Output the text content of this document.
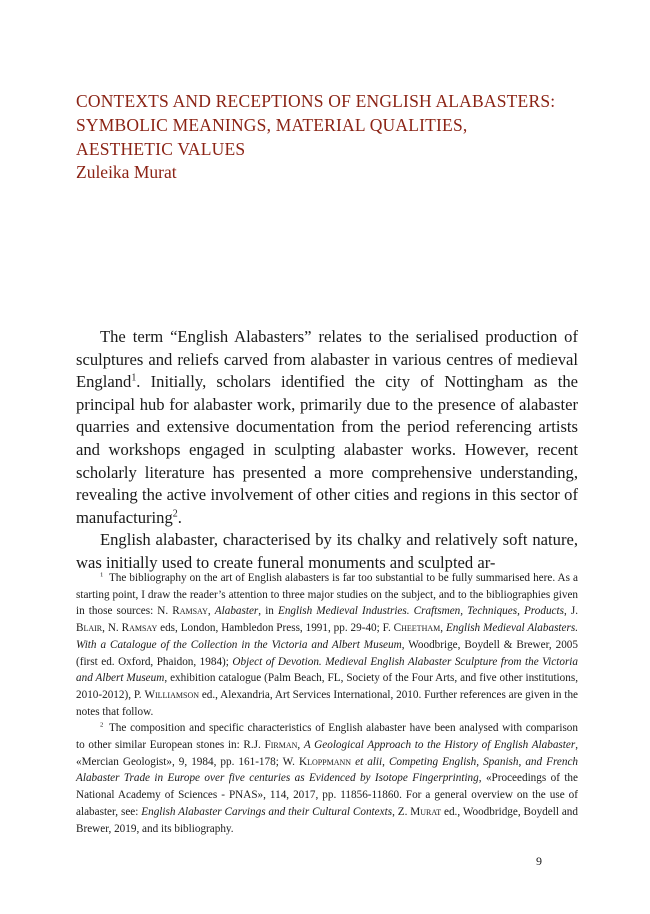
CONTEXTS AND RECEPTIONS OF ENGLISH ALABASTERS:
SYMBOLIC MEANINGS, MATERIAL QUALITIES,
AESTHETIC VALUES

Zuleika Murat

The term “English Alabasters” relates to the serialised production of sculptures and reliefs carved from alabaster in various centres of medieval England$^1$. Initially, scholars identified the city of Nottingham as the principal hub for alabaster work, primarily due to the presence of alabaster quarries and extensive documentation from the period referencing artists and workshops engaged in sculpting alabaster works. However, recent scholarly literature has presented a more comprehensive understanding, revealing the active involvement of other cities and regions in this sector of manufacturing$^2$.

English alabaster, characterised by its chalky and relatively soft nature, was initially used to create funeral monuments and sculpted ar-

$^1$  The bibliography on the art of English alabasters is far too substantial to be fully summarised here. As a starting point, I draw the reader’s attention to three major studies on the subject, and to the bibliographies given in those sources: N. Ramsay, Alabaster, in English Medieval Industries. Craftsmen, Techniques, Products, J. Blair, N. Ramsay eds, London, Hambledon Press, 1991, pp. 29-40; F. Cheetham, English Medieval Alabasters. With a Catalogue of the Collection in the Victoria and Albert Museum, Woodbrige, Boydell & Brewer, 2005 (first ed. Oxford, Phaidon, 1984); Object of Devotion. Medieval English Alabaster Sculpture from the Victoria and Albert Museum, exhibition catalogue (Palm Beach, FL, Society of the Four Arts, and five other institutions, 2010-2012), P. Williamson ed., Alexandria, Art Services International, 2010. Further references are given in the notes that follow.

$^2$  The composition and specific characteristics of English alabaster have been analysed with comparison to other similar European stones in: R.J. Firman, A Geological Approach to the History of English Alabaster, «Mercian Geologist», 9, 1984, pp. 161-178; W. Kloppmann et alii, Competing English, Spanish, and French Alabaster Trade in Europe over five centuries as Evidenced by Isotope Fingerprinting, «Proceedings of the National Academy of Sciences - PNAS», 114, 2017, pp. 11856-11860. For a general overview on the use of alabaster, see: English Alabaster Carvings and their Cultural Contexts, Z. Murat ed., Woodbridge, Boydell and Brewer, 2019, and its bibliography.

9
